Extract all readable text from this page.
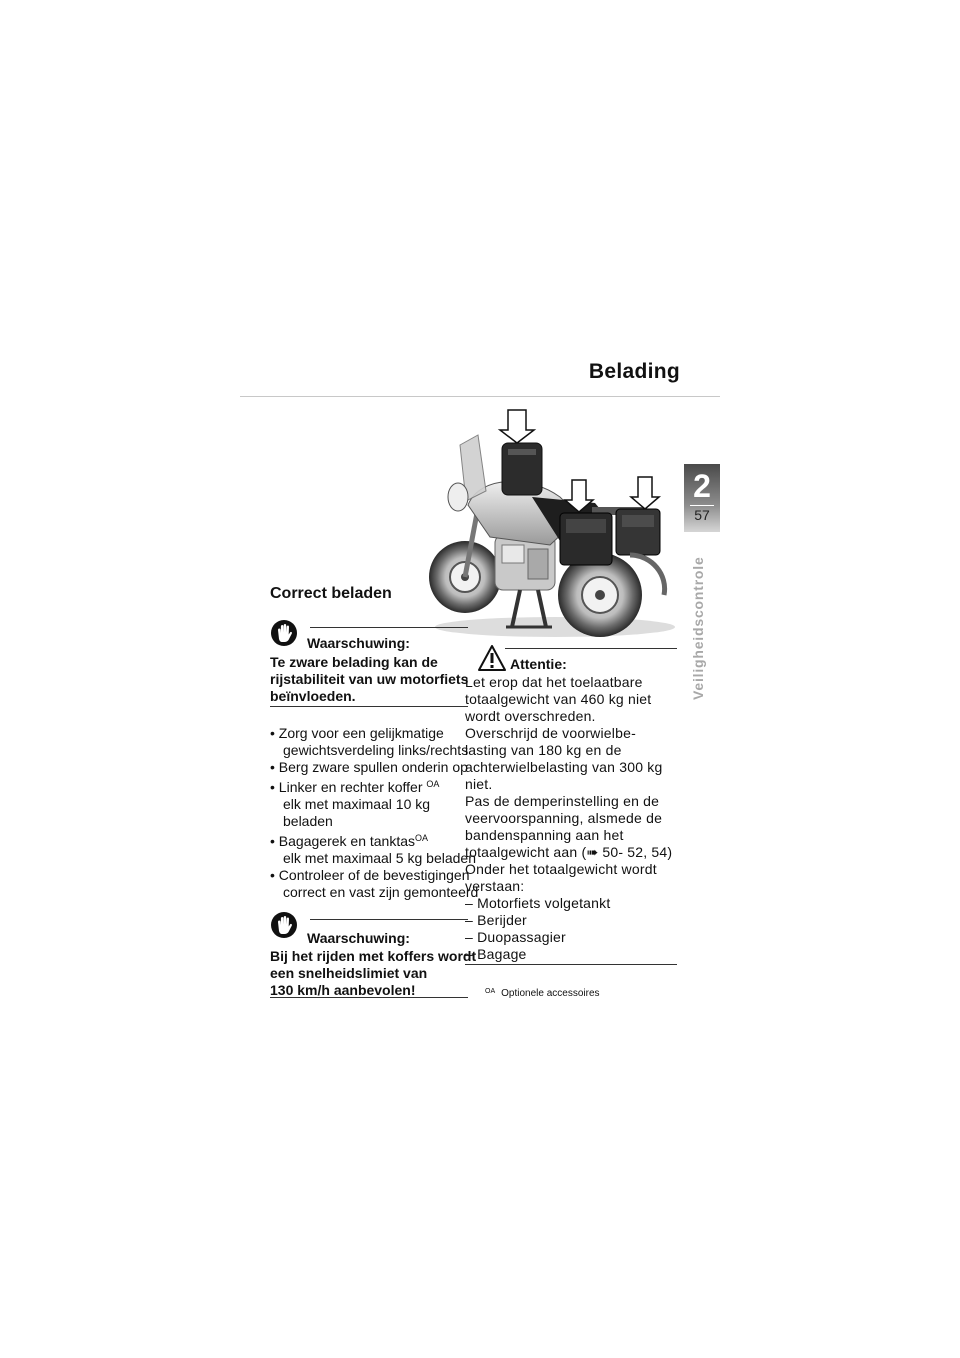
Belading
2
57
Veiligheidscontrole
Correct beladen
Waarschuwing:
Te zware belading kan de
rijstabiliteit van uw motorfiets
beïnvloeden.
• Zorg voor een gelijkmatige
gewichtsverdeling links/rechts
• Berg zware spullen onderin op
• Linker en rechter koffer $^{OA}$
elk met maximaal 10 kg
beladen
• Bagagerek en tanktas$^{OA}$
elk met maximaal 5 kg beladen
• Controleer of de bevestigingen
correct en vast zijn gemonteerd
Waarschuwing:
Bij het rijden met koffers wordt
een snelheidslimiet van
130 km/h aanbevolen!
Attentie:
Let erop dat het toelaatbare
totaalgewicht van 460 kg niet
wordt overschreden.
Overschrijd de voorwielbe-
lasting van 180 kg en de
achterwielbelasting van 300 kg
niet.
Pas de demperinstelling en de
veervoorspanning, alsmede de
bandenspanning aan het
totaalgewicht aan (➠ 50- 52, 54)
Onder het totaalgewicht wordt
verstaan:
– Motorfiets volgetankt
– Berijder
– Duopassagier
– Bagage
$^{OA}$ Optionele accessoires
